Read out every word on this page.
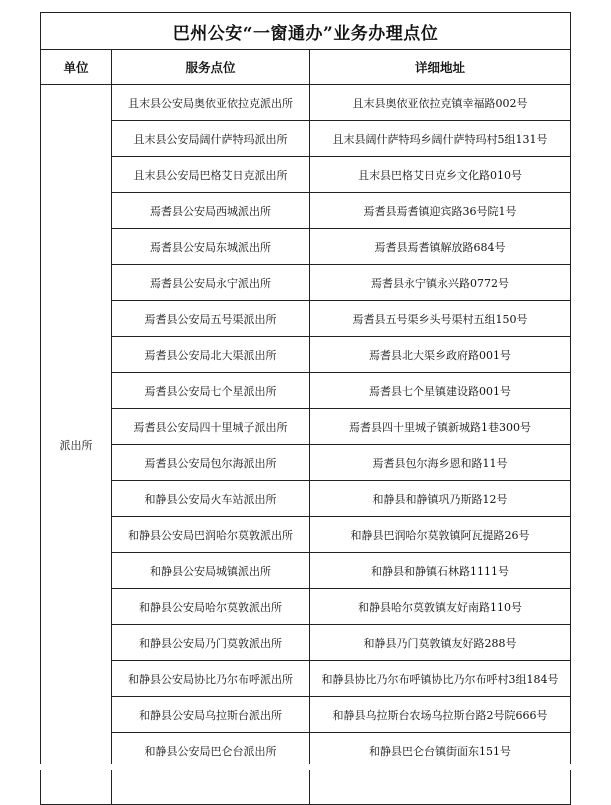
巴州公安“一窗通办”业务办理点位		
单位	服务点位	详细地址
派出所	且末县公安局奥依亚依拉克派出所	且末县奥依亚依拉克镇幸福路002号
	且末县公安局阔什萨特玛派出所	且末县阔什萨特玛乡阔什萨特玛村5组131号
	且末县公安局巴格艾日克派出所	且末县巴格艾日克乡文化路010号
	焉耆县公安局西城派出所	焉耆县焉耆镇迎宾路36号院1号
	焉耆县公安局东城派出所	焉耆县焉耆镇解放路684号
	焉耆县公安局永宁派出所	焉耆县永宁镇永兴路0772号
	焉耆县公安局五号渠派出所	焉耆县五号渠乡头号渠村五组150号
	焉耆县公安局北大渠派出所	焉耆县北大渠乡政府路001号
	焉耆县公安局七个星派出所	焉耆县七个星镇建设路001号
	焉耆县公安局四十里城子派出所	焉耆县四十里城子镇新城路1巷300号
	焉耆县公安局包尔海派出所	焉耆县包尔海乡恩和路11号
	和静县公安局火车站派出所	和静县和静镇巩乃斯路12号
	和静县公安局巴润哈尔莫敦派出所	和静县巴润哈尔莫敦镇阿瓦提路26号
	和静县公安局城镇派出所	和静县和静镇石林路1111号
	和静县公安局哈尔莫敦派出所	和静县哈尔莫敦镇友好南路110号
	和静县公安局乃门莫敦派出所	和静县乃门莫敦镇友好路288号
	和静县公安局协比乃尔布呼派出所	和静县协比乃尔布呼镇协比乃尔布呼村3组184号
	和静县公安局乌拉斯台派出所	和静县乌拉斯台农场乌拉斯台路2号院666号
	和静县公安局巴仑台派出所	和静县巴仑台镇街面东151号
